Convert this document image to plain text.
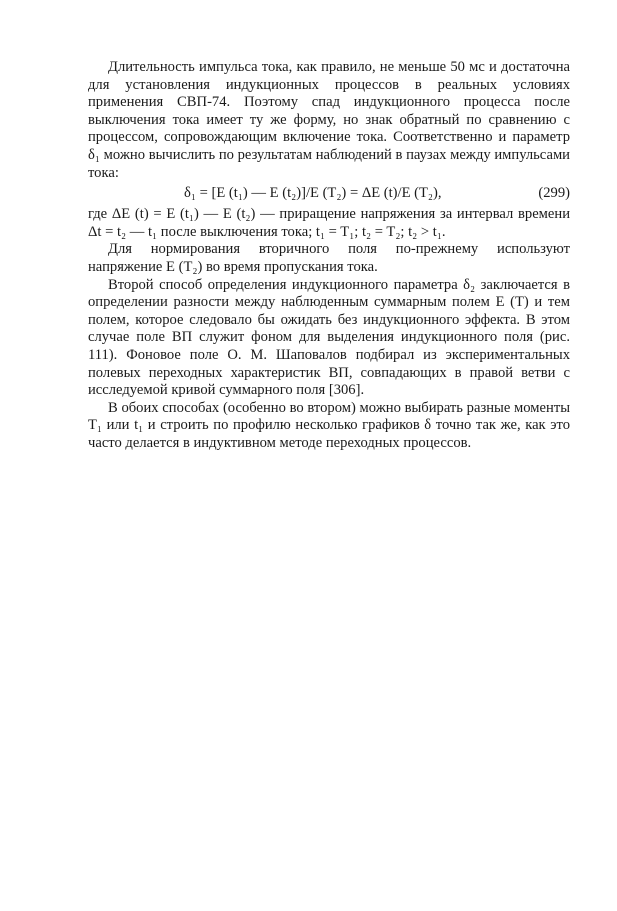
Длительность импульса тока, как правило, не меньше 50 мс и достаточна для установления индукционных процессов в реальных условиях применения СВП-74. Поэтому спад индукционного процесса после выключения тока имеет ту же форму, но знак обратный по сравнению с процессом, сопровождающим включение тока. Соответственно и параметр δ₁ можно вычислить по результатам наблюдений в паузах между импульсами тока:

δ₁ = [E (t₁) — E (t₂)]/E (T₂) = ΔE (t)/E (T₂),	(299)

где ΔE (t) = E (t₁) — E (t₂) — приращение напряжения за интервал времени Δt = t₂ — t₁ после выключения тока; t₁ = T₁; t₂ = T₂; t₂ > t₁.

Для нормирования вторичного поля по-прежнему используют напряжение E (T₂) во время пропускания тока.

Второй способ определения индукционного параметра δ₂ заключается в определении разности между наблюденным суммарным полем E (T) и тем полем, которое следовало бы ожидать без индукционного эффекта. В этом случае поле ВП служит фоном для выделения индукционного поля (рис. 111). Фоновое поле О. М. Шаповалов подбирал из экспериментальных полевых переходных характеристик ВП, совпадающих в правой ветви с исследуемой кривой суммарного поля [306].

В обоих способах (особенно во втором) можно выбирать разные моменты T₁ или t₁ и строить по профилю несколько графиков δ точно так же, как это часто делается в индуктивном методе переходных процессов.
